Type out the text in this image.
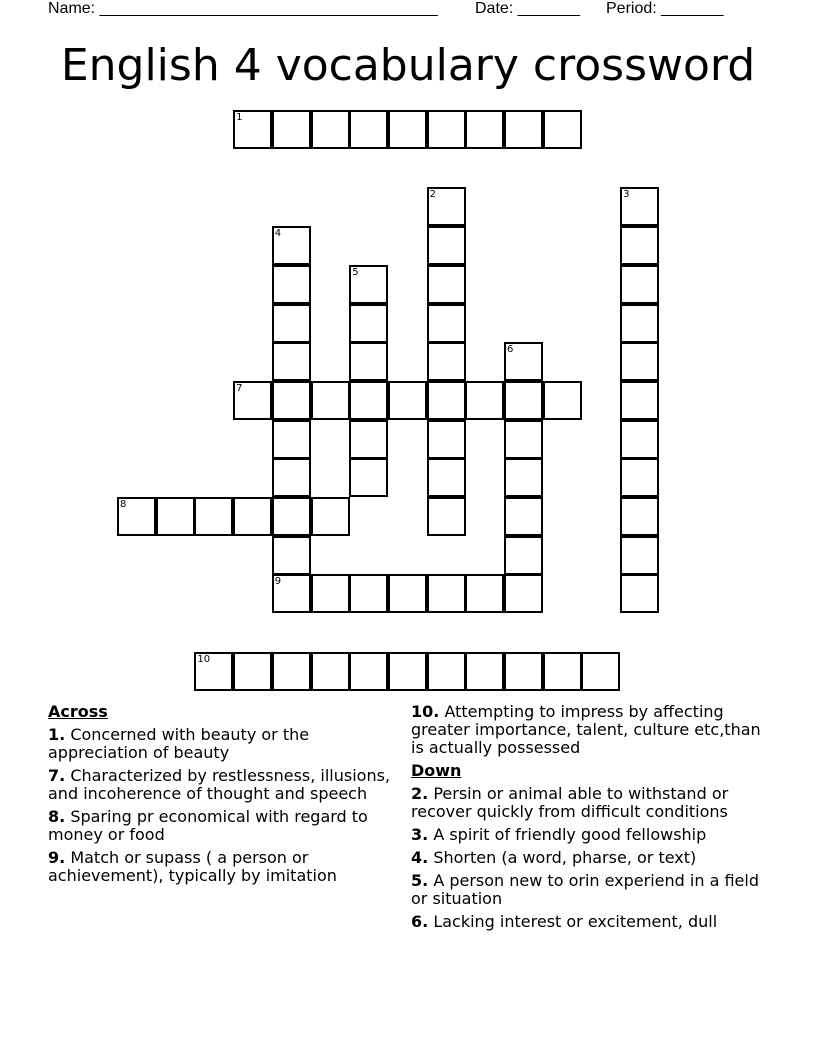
Name: ______________________________________ Date: _______ Period: _______
English 4 vocabulary crossword
1
2	3
4
9
5
6
7
8
10
Across
1. Concerned with beauty or the appreciation of beauty
7. Characterized by restlessness, illusions, and incoherence of thought and speech
8. Sparing pr economical with regard to money or food
9. Match or supass ( a person or achievement), typically by imitation
10. Attempting to impress by affecting greater importance, talent, culture etc,than is actually possessed
Down
2. Persin or animal able to withstand or recover quickly from difficult conditions
3. A spirit of friendly good fellowship
4. Shorten (a word, pharse, or text)
5. A person new to orin experiend in a field or situation
6. Lacking interest or excitement, dull
